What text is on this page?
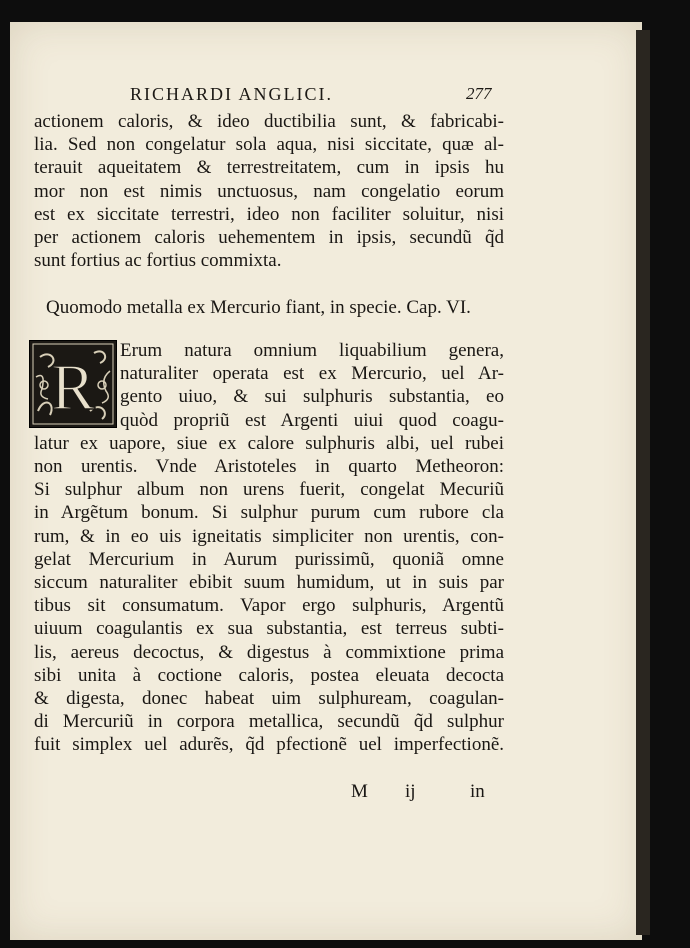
RICHARDI ANGLICI.	277
actionem caloris, & ideo ductibilia sunt, & fabricabi-
lia. Sed non congelatur sola aqua, nisi siccitate, quæ al-
terauit aqueitatem & terrestreitatem, cum in ipsis hu
mor non est nimis unctuosus, nam congelatio eorum
est ex siccitate terrestri, ideo non faciliter soluitur, nisi
per actionem caloris uehementem in ipsis, secundũ q̃d
sunt fortius ac fortius commixta.
Quomodo metalla ex Mercurio fiant, in specie. Cap. VI.
R
Erum natura omnium liquabilium genera,
naturaliter operata est ex Mercurio, uel Ar-
gento uiuo, & sui sulphuris substantia, eo
quòd propriũ est Argenti uiui quod coagu-
latur ex uapore, siue ex calore sulphuris albi, uel rubei
non urentis. Vnde Aristoteles in quarto Metheoron:
Si sulphur album non urens fuerit, congelat Mecuriũ
in Argẽtum bonum. Si sulphur purum cum rubore cla
rum, & in eo uis igneitatis simpliciter non urentis, con-
gelat Mercurium in Aurum purissimũ, quoniã omne
siccum naturaliter ebibit suum humidum, ut in suis par
tibus sit consumatum. Vapor ergo sulphuris, Argentũ
uiuum coagulantis ex sua substantia, est terreus subti-
lis, aereus decoctus, & digestus à commixtione prima
sibi unita à coctione caloris, postea eleuata decocta
& digesta, donec habeat uim sulphuream, coagulan-
di Mercuriũ in corpora metallica, secundũ q̃d sulphur
fuit simplex uel adurẽs, q̃d pfectionẽ uel imperfectionẽ.
M ij	in
